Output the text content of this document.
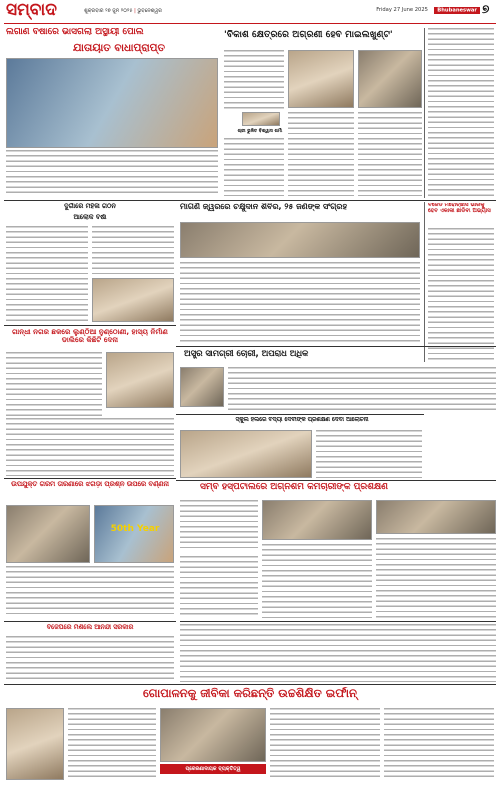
ସମ୍ବାଦ	ଶୁକ୍ରବାର ୨୭ ଜୁନ ୨୦୨୫ | ଭୁବନେଶ୍ୱର	Friday 27 June 2025 Bhubaneswar ୭
ଲଗାଣ ବର୍ଷାରେ ଭାସିଗଲା ଅସ୍ଥାୟୀ ପୋଲ
ଯାତାୟାତ ବାଧାପ୍ରାପ୍ତ
'ବିକାଶ କ୍ଷେତ୍ରରେ ଅଗ୍ରଣୀ ହେବ ମାଇଲଖୁଣ୍ଟ'
ଶ୍ରୀ ଭୁଜିତ ବିଶ୍ୱାସ ଶର୍ମା
ମାଗଣି ଜ୍ୱରରେ ଚକ୍ଷୁଦାନ ଶିବିର, ୨୫ ଜଣଙ୍କ ସଂଗ୍ରହ
ଦୁର୍ଗାରେ ମହିଳା ଗଠନ
ଆଲୋକ ବର୍ଷା
ବିଜେଡି ମହୋଚ୍ଛାସ ଭାରିକୁ ହେବ ଏକାକୀ ଛାଡିବା ଅଭ୍ୟାସ
ଗାନ୍ଧୀ ନଗର ଛକରେ ଲୁଣ୍ଠିଆ ନୁଣ୍ଠୋଣୀ, ହାସ୍ୟ ନିର୍ମାଣ ଡାଲିରେ କିଛିଟି ଦେନା
ଅସ୍ତ୍ର ସାମଗ୍ରୀ ଚୋରୀ, ଅପରାଧ ଅଧିକ
ଉପଯୁକ୍ତ ଗରମ ତାରଣାରେ ଝଗଡ଼ା ପ୍ରଶ୍ନ ଉପରେ ବର୍ଣ୍ଣନା
50th Year
ସ୍କୁଲ ହଲରେ ବିଦ୍ୟା ଦେବୀଙ୍କ ପ୍ରଶିକ୍ଷଣ ଦେବା ଆଲୋଚନା
ସମ୍ବ ହସ୍ପିଟାଲରେ ଅଗ୍ନିଶମ କର୍ମଚାରୀଙ୍କ ପ୍ରଶିକ୍ଷଣ
ବିଜେପିରେ ମିଶିଲେ ଆନନ୍ଦୀ ସରକାର
ଗୋପାଳନକୁ ଜୀବିକା କରିଛନ୍ତି ଉଚ୍ଚଶିକ୍ଷିତ ଇର୍ଫାନ୍
ପ୍ରେରଣାଦାୟକ ବ୍ୟକ୍ତିତ୍ୱ
